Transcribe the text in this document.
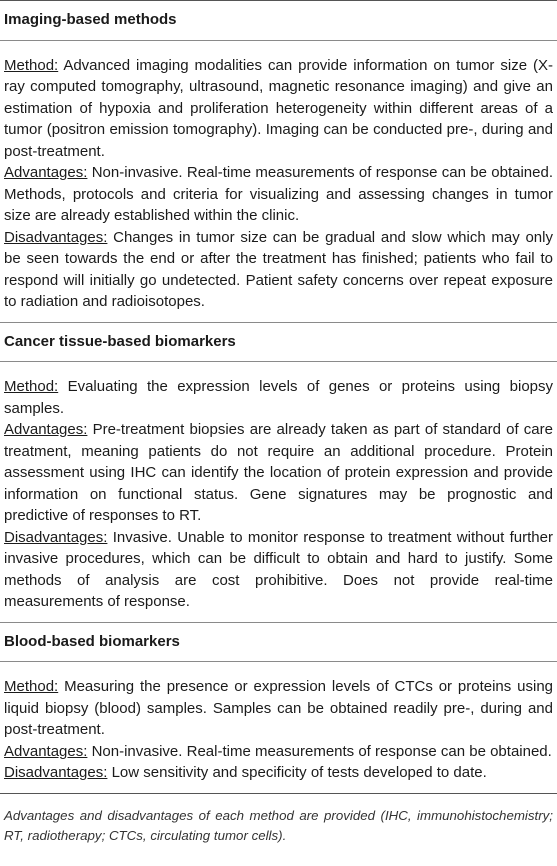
Imaging-based methods

Method: Advanced imaging modalities can provide information on tumor size (X-ray computed tomography, ultrasound, magnetic resonance imaging) and give an estimation of hypoxia and proliferation heterogeneity within different areas of a tumor (positron emission tomography). Imaging can be conducted pre-, during and post-treatment.

Advantages: Non-invasive. Real-time measurements of response can be obtained. Methods, protocols and criteria for visualizing and assessing changes in tumor size are already established within the clinic.

Disadvantages: Changes in tumor size can be gradual and slow which may only be seen towards the end or after the treatment has finished; patients who fail to respond will initially go undetected. Patient safety concerns over repeat exposure to radiation and radioisotopes.

Cancer tissue-based biomarkers

Method: Evaluating the expression levels of genes or proteins using biopsy samples.

Advantages: Pre-treatment biopsies are already taken as part of standard of care treatment, meaning patients do not require an additional procedure. Protein assessment using IHC can identify the location of protein expression and provide information on functional status. Gene signatures may be prognostic and predictive of responses to RT.

Disadvantages: Invasive. Unable to monitor response to treatment without further invasive procedures, which can be difficult to obtain and hard to justify. Some methods of analysis are cost prohibitive. Does not provide real-time measurements of response.

Blood-based biomarkers

Method: Measuring the presence or expression levels of CTCs or proteins using liquid biopsy (blood) samples. Samples can be obtained readily pre-, during and post-treatment.

Advantages: Non-invasive. Real-time measurements of response can be obtained.

Disadvantages: Low sensitivity and specificity of tests developed to date.

Advantages and disadvantages of each method are provided (IHC, immunohistochemistry; RT, radiotherapy; CTCs, circulating tumor cells).
